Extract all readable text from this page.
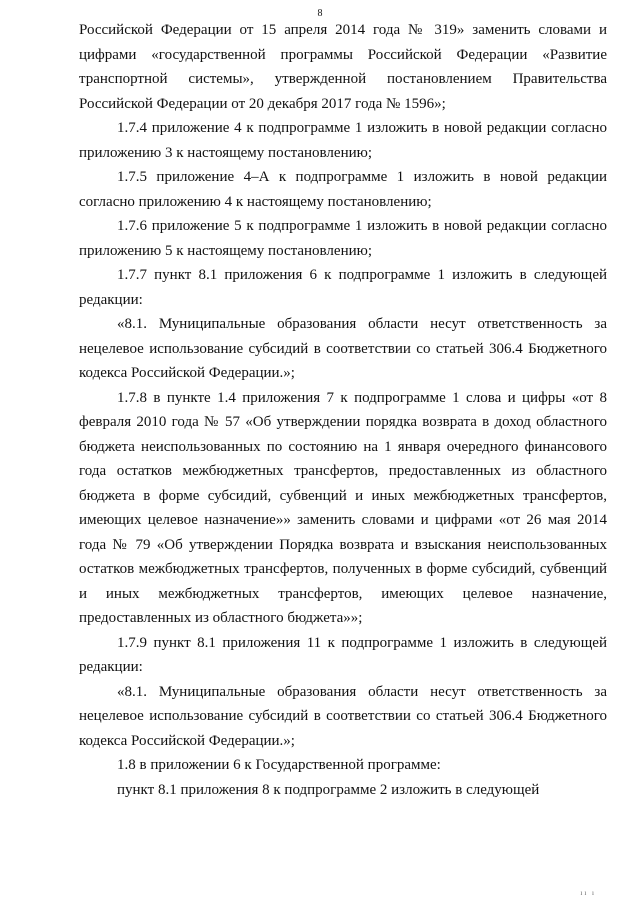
8

Российской Федерации от 15 апреля 2014 года № 319» заменить словами и цифрами «государственной программы Российской Федерации «Развитие транспортной системы», утвержденной постановлением Правительства Российской Федерации от 20 декабря 2017 года № 1596»;

1.7.4 приложение 4 к подпрограмме 1 изложить в новой редакции согласно приложению 3 к настоящему постановлению;

1.7.5 приложение 4–А к подпрограмме 1 изложить в новой редакции согласно приложению 4 к настоящему постановлению;

1.7.6 приложение 5 к подпрограмме 1 изложить в новой редакции согласно приложению 5 к настоящему постановлению;

1.7.7 пункт 8.1 приложения 6 к подпрограмме 1 изложить в следующей редакции:

«8.1. Муниципальные образования области несут ответственность за нецелевое использование субсидий в соответствии со статьей 306.4 Бюджетного кодекса Российской Федерации.»;

1.7.8 в пункте 1.4 приложения 7 к подпрограмме 1 слова и цифры «от 8 февраля 2010 года № 57 «Об утверждении порядка возврата в доход областного бюджета неиспользованных по состоянию на 1 января очередного финансового года остатков межбюджетных трансфертов, предоставленных из областного бюджета в форме субсидий, субвенций и иных межбюджетных трансфертов, имеющих целевое назначение»» заменить словами и цифрами «от 26 мая 2014 года № 79 «Об утверждении Порядка возврата и взыскания неиспользованных остатков межбюджетных трансфертов, полученных в форме субсидий, субвенций и иных межбюджетных трансфертов, имеющих целевое назначение, предоставленных из областного бюджета»»;

1.7.9 пункт 8.1 приложения 11 к подпрограмме 1 изложить в следующей редакции:

«8.1. Муниципальные образования области несут ответственность за нецелевое использование субсидий в соответствии со статьей 306.4 Бюджетного кодекса Российской Федерации.»;

1.8 в приложении 6 к Государственной программе:

пункт 8.1 приложения 8 к подпрограмме 2 изложить в следующей

ıı ı
